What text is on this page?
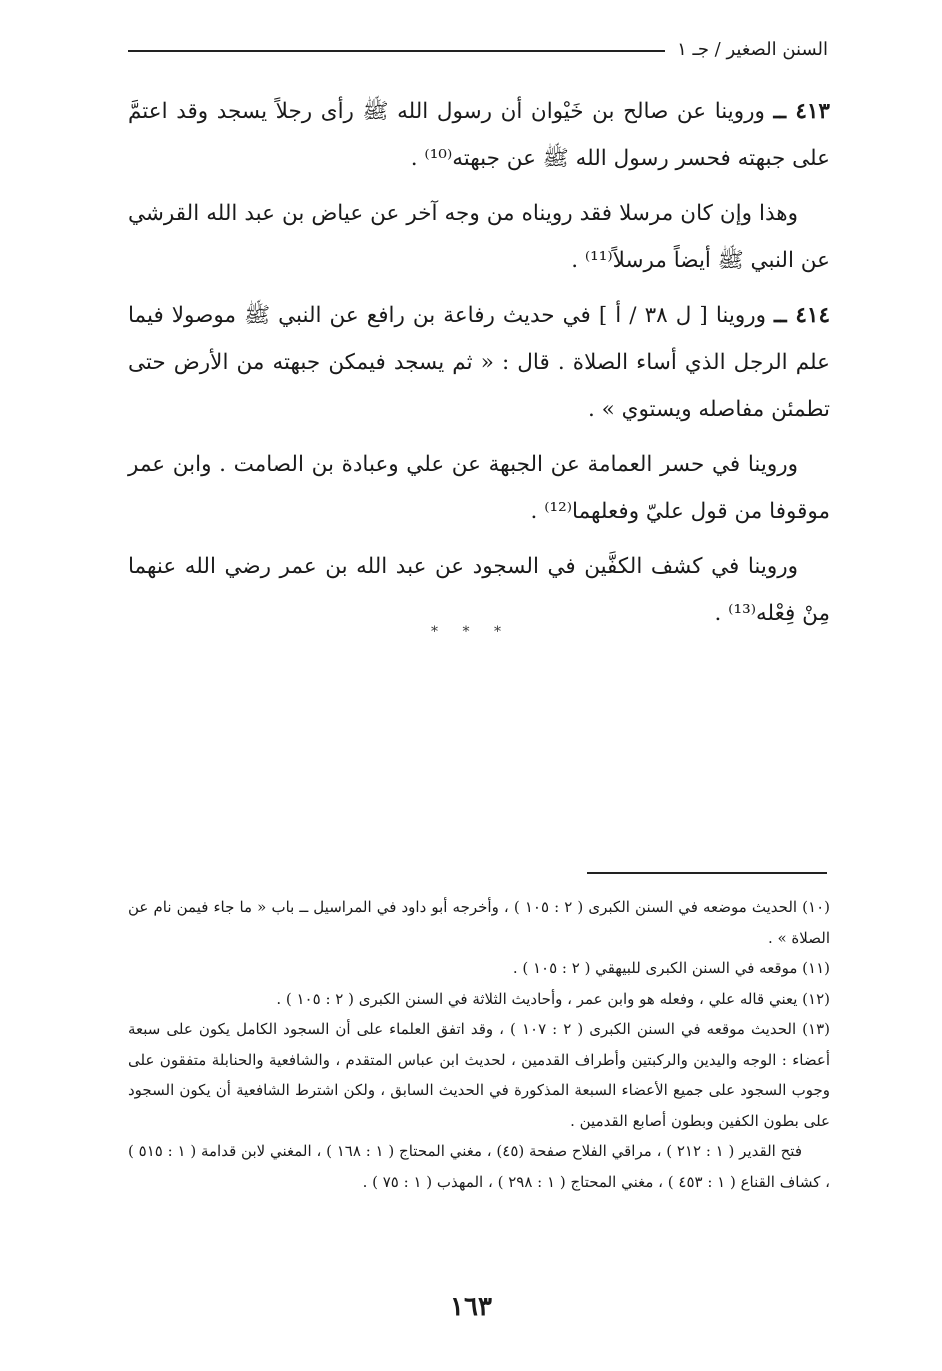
السنن الصغير / جـ ١

٤١٣ ــ وروينا عن صالح بن خَيْوان أن رسول الله ﷺ رأى رجلاً يسجد وقد اعتمَّ على جبهته فحسر رسول الله ﷺ عن جبهته⁽¹⁰⁾ .

وهذا وإن كان مرسلا فقد رويناه من وجه آخر عن عياض بن عبد الله القرشي عن النبي ﷺ أيضاً مرسلاً⁽¹¹⁾ .

٤١٤ ــ وروينا [ ل ٣٨ / أ ] في حديث رفاعة بن رافع عن النبي ﷺ موصولا فيما علم الرجل الذي أساء الصلاة . قال : « ثم يسجد فيمكن جبهته من الأرض حتى تطمئن مفاصله ويستوي » .

وروينا في حسر العمامة عن الجبهة عن علي وعبادة بن الصامت . وابن عمر موقوفا من قول عليّ وفعلهما⁽¹²⁾ .

وروينا في كشف الكفَّين في السجود عن عبد الله بن عمر رضي الله عنهما مِنْ فِعْله⁽¹³⁾ .

* * *

(١٠) الحديث موضعه في السنن الكبرى ( ٢ : ١٠٥ ) ، وأخرجه أبو داود في المراسيل ــ باب « ما جاء فيمن نام عن الصلاة » .

(١١) موقعه في السنن الكبرى للبيهقي ( ٢ : ١٠٥ ) .

(١٢) يعني قاله علي ، وفعله هو وابن عمر ، وأحاديث الثلاثة في السنن الكبرى ( ٢ : ١٠٥ ) .

(١٣) الحديث موقعه في السنن الكبرى ( ٢ : ١٠٧ ) ، وقد اتفق العلماء على أن السجود الكامل يكون على سبعة أعضاء : الوجه واليدين والركبتين وأطراف القدمين ، لحديث ابن عباس المتقدم ، والشافعية والحنابلة متفقون على وجوب السجود على جميع الأعضاء السبعة المذكورة في الحديث السابق ، ولكن اشترط الشافعية أن يكون السجود على بطون الكفين وبطون أصابع القدمين .

فتح القدير ( ١ : ٢١٢ ) ، مراقي الفلاح صفحة (٤٥) ، مغني المحتاج ( ١ : ١٦٨ ) ، المغني لابن قدامة ( ١ : ٥١٥ ) ، كشاف القناع ( ١ : ٤٥٣ ) ، مغني المحتاج ( ١ : ٢٩٨ ) ، المهذب ( ١ : ٧٥ ) .

١٦٣
